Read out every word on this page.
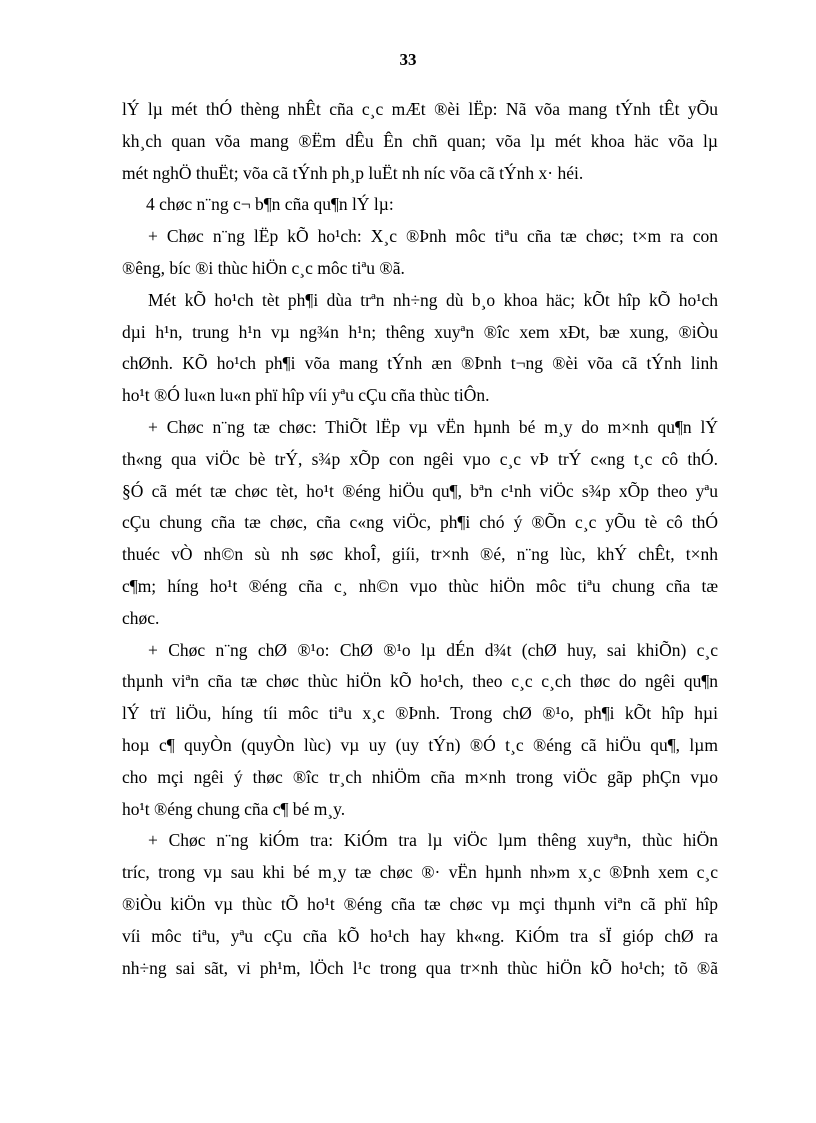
33
lÝ lµ mét thÓ thèng nhÊt cña c¸c mÆt ®èi lËp: Nã võa mang tÝnh tÊt yÕu
kh¸ch quan võa mang ®Ëm dÊu Ên chñ quan; võa lµ mét khoa häc võa lµ
mét nghÖ thuËt; võa cã tÝnh ph¸p luËt nh níc võa cã tÝnh x· héi.
4 chøc n¨ng c¬ b¶n cña qu¶n lÝ lµ:
+ Chøc n¨ng lËp kÕ ho¹ch: X¸c ®Þnh môc tiªu cña tæ chøc; t×m ra con
®êng, bíc ®i thùc hiÖn c¸c môc tiªu ®ã.
Mét kÕ ho¹ch tèt ph¶i dùa trªn nh÷ng dù b¸o khoa häc; kÕt hîp kÕ ho¹ch
dµi h¹n, trung h¹n vµ ng¾n h¹n; thêng xuyªn ®îc xem xÐt, bæ xung, ®iÒu
chØnh. KÕ ho¹ch ph¶i võa mang tÝnh æn ®Þnh t¬ng ®èi võa cã tÝnh linh
ho¹t ®Ó lu«n lu«n phï hîp víi yªu cÇu cña thùc tiÔn.
+ Chøc n¨ng tæ chøc: ThiÕt lËp vµ vËn hµnh bé m¸y do m×nh qu¶n lÝ
th«ng qua viÖc bè trÝ, s¾p xÕp con ngêi vµo c¸c vÞ trÝ c«ng t¸c cô thÓ.
§Ó cã mét tæ chøc tèt, ho¹t ®éng hiÖu qu¶, bªn c¹nh viÖc s¾p xÕp theo yªu
cÇu chung cña tæ chøc, cña c«ng viÖc, ph¶i chó ý ®Õn c¸c yÕu tè cô thÓ
thuéc vÒ nh©n sù nh søc khoÎ, giíi, tr×nh ®é, n¨ng lùc, khÝ chÊt, t×nh
c¶m; híng ho¹t ®éng cña c¸ nh©n vµo thùc hiÖn môc tiªu chung cña tæ
chøc.
+ Chøc n¨ng chØ ®¹o: ChØ ®¹o lµ dÉn d¾t (chØ huy, sai khiÕn) c¸c
thµnh viªn cña tæ chøc thùc hiÖn kÕ ho¹ch, theo c¸c c¸ch thøc do ngêi qu¶n
lÝ trï liÖu, híng tíi môc tiªu x¸c ®Þnh. Trong chØ ®¹o, ph¶i kÕt hîp hµi
hoµ c¶ quyÒn (quyÒn lùc) vµ uy (uy tÝn) ®Ó t¸c ®éng cã hiÖu qu¶, lµm
cho mçi ngêi ý thøc ®îc tr¸ch nhiÖm cña m×nh trong viÖc gãp phÇn vµo
ho¹t ®éng chung cña c¶ bé m¸y.
+ Chøc n¨ng kiÓm tra: KiÓm tra lµ viÖc lµm thêng xuyªn, thùc hiÖn
tríc, trong vµ sau khi bé m¸y tæ chøc ®· vËn hµnh nh»m x¸c ®Þnh xem c¸c
®iÒu kiÖn vµ thùc tÕ ho¹t ®éng cña tæ chøc vµ mçi thµnh viªn cã phï hîp
víi môc tiªu, yªu cÇu cña kÕ ho¹ch hay kh«ng. KiÓm tra sÏ gióp chØ ra
nh÷ng sai sãt, vi ph¹m, lÖch l¹c trong qua tr×nh thùc hiÖn kÕ ho¹ch; tõ ®ã
